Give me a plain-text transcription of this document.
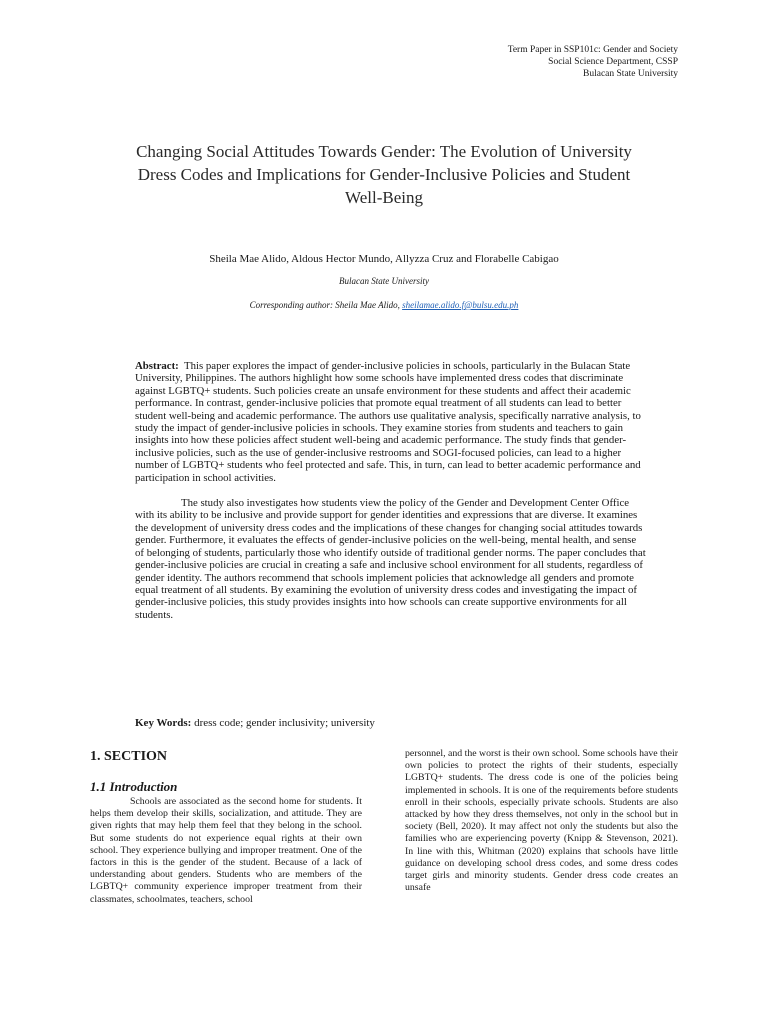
Term Paper in SSP101c: Gender and Society
Social Science Department, CSSP
Bulacan State University
Changing Social Attitudes Towards Gender: The Evolution of University Dress Codes and Implications for Gender-Inclusive Policies and Student Well-Being
Sheila Mae Alido, Aldous Hector Mundo, Allyzza Cruz and Florabelle Cabigao
Bulacan State University
Corresponding author: Sheila Mae Alido, sheilamae.alido.f@bulsu.edu.ph

Abstract: This paper explores the impact of gender-inclusive policies in schools, particularly in the Bulacan State University, Philippines. The authors highlight how some schools have implemented dress codes that discriminate against LGBTQ+ students. Such policies create an unsafe environment for these students and affect their academic performance. In contrast, gender-inclusive policies that promote equal treatment of all students can lead to better student well-being and academic performance. The authors use qualitative analysis, specifically narrative analysis, to study the impact of gender-inclusive policies in schools. They examine stories from students and teachers to gain insights into how these policies affect student well-being and academic performance. The study finds that gender-inclusive policies, such as the use of gender-inclusive restrooms and SOGI-focused policies, can lead to a higher number of LGBTQ+ students who feel protected and safe. This, in turn, can lead to better academic performance and participation in school activities.

The study also investigates how students view the policy of the Gender and Development Center Office with its ability to be inclusive and provide support for gender identities and expressions that are diverse. It examines the development of university dress codes and the implications of these changes for changing social attitudes towards gender. Furthermore, it evaluates the effects of gender-inclusive policies on the well-being, mental health, and sense of belonging of students, particularly those who identify outside of traditional gender norms. The paper concludes that gender-inclusive policies are crucial in creating a safe and inclusive school environment for all students, regardless of gender identity. The authors recommend that schools implement policies that acknowledge all genders and promote equal treatment of all students. By examining the evolution of university dress codes and investigating the impact of gender-inclusive policies, this study provides insights into how schools can create supportive environments for all students.

Key Words: dress code; gender inclusivity; university
1. SECTION
1.1 Introduction

Schools are associated as the second home for students. It helps them develop their skills, socialization, and attitude. They are given rights that may help them feel that they belong in the school. But some students do not experience equal rights at their own school. They experience bullying and improper treatment. One of the factors in this is the gender of the student. Because of a lack of understanding about genders. Students who are members of the LGBTQ+ community experience improper treatment from their classmates, schoolmates, teachers, school

personnel, and the worst is their own school. Some schools have their own policies to protect the rights of their students, especially LGBTQ+ students. The dress code is one of the policies being implemented in schools. It is one of the requirements before students enroll in their schools, especially private schools. Students are also attacked by how they dress themselves, not only in the school but in society (Bell, 2020). It may affect not only the students but also the families who are experiencing poverty (Knipp & Stevenson, 2021). In line with this, Whitman (2020) explains that schools have little guidance on developing school dress codes, and some dress codes target girls and minority students. Gender dress code creates an unsafe
